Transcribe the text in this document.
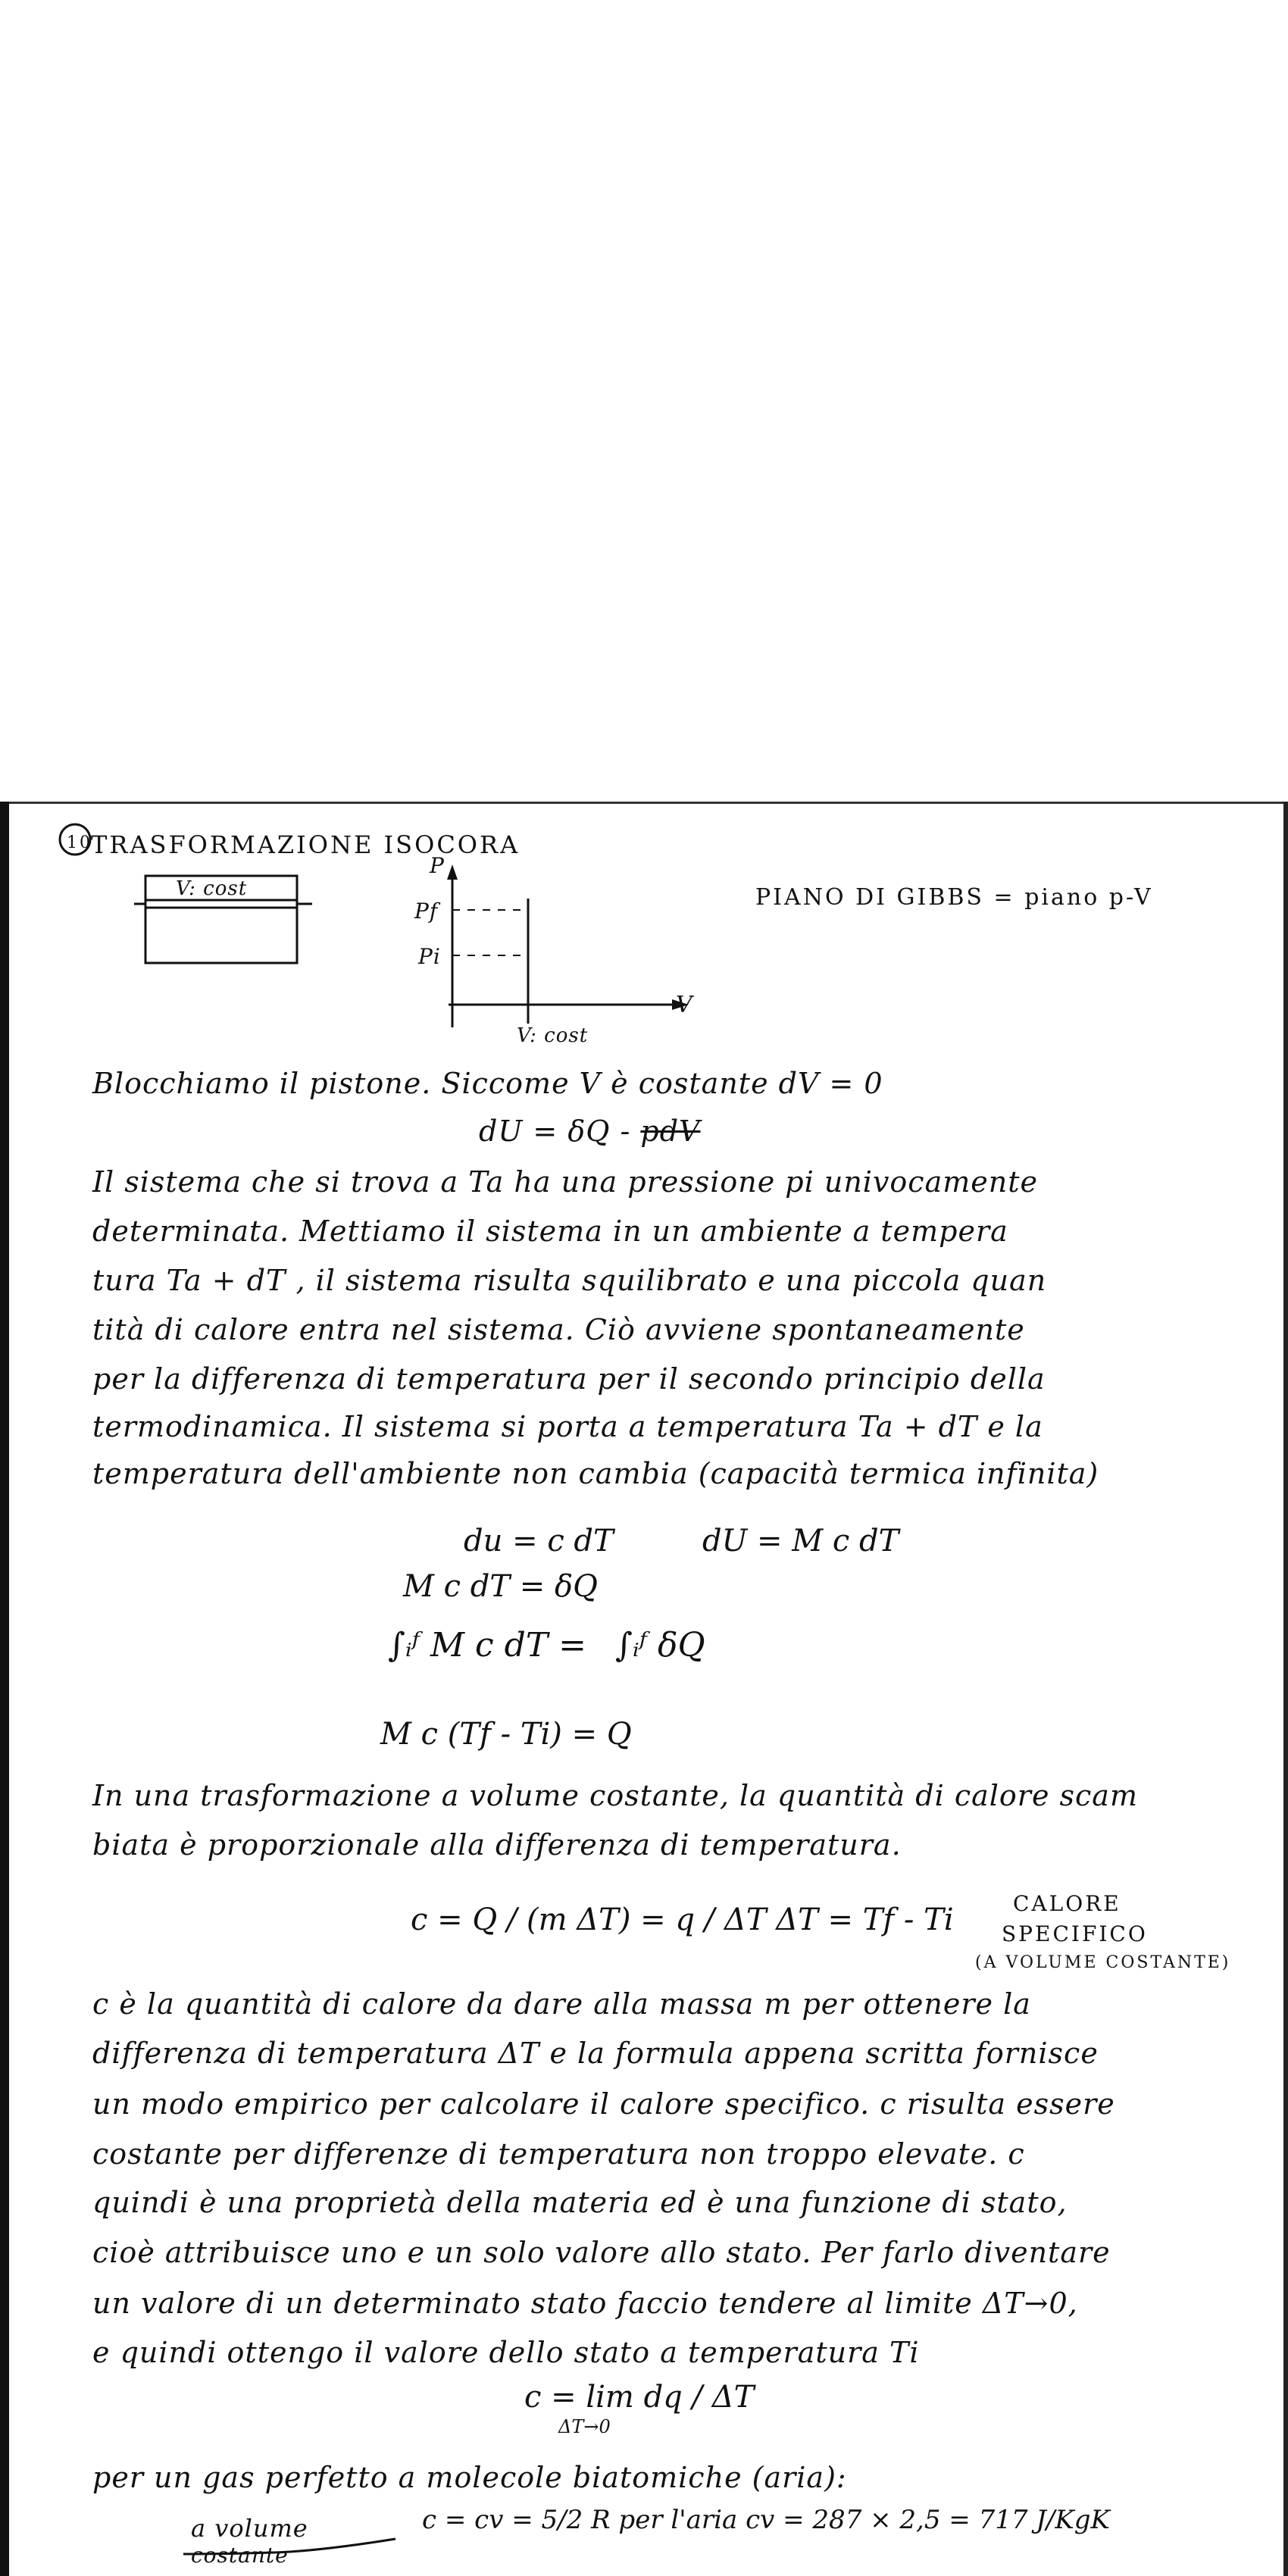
10
TRASFORMAZIONE ISOCORA
V: cost
P
Pf
Pi
V
V: cost
PIANO DI GIBBS = piano p-V
Blocchiamo il pistone. Siccome V è costante dV = 0
dU = δQ - pdV
Il sistema che si trova a Ta ha una pressione pi univocamente
determinata. Mettiamo il sistema in un ambiente a tempera
tura Ta + dT , il sistema risulta squilibrato e una piccola quan
tità di calore entra nel sistema. Ciò avviene spontaneamente
per la differenza di temperatura per il secondo principio della
termodinamica. Il sistema si porta a temperatura Ta + dT e la
temperatura dell'ambiente non cambia (capacità termica infinita)
du = c dT	dU = M c dT
M c dT = δQ
∫ᵢᶠ M c dT = ∫ᵢᶠ δQ
M c (Tf - Ti) = Q
In una trasformazione a volume costante, la quantità di calore scam
biata è proporzionale alla differenza di temperatura.
c = Q / (m ΔT) = q / ΔT ΔT = Tf - Ti	CALORE
SPECIFICO
(A VOLUME COSTANTE)
c è la quantità di calore da dare alla massa m per ottenere la
differenza di temperatura ΔT e la formula appena scritta fornisce
un modo empirico per calcolare il calore specifico. c risulta essere
costante per differenze di temperatura non troppo elevate. c
quindi è una proprietà della materia ed è una funzione di stato,
cioè attribuisce uno e un solo valore allo stato. Per farlo diventare
un valore di un determinato stato faccio tendere al limite ΔT→0,
e quindi ottengo il valore dello stato a temperatura Ti
c = lim dq / ΔT
ΔT→0
per un gas perfetto a molecole biatomiche (aria):
a volume
costante
c = cv = 5/2 R per l'aria cv = 287 × 2,5 = 717 J/KgK
